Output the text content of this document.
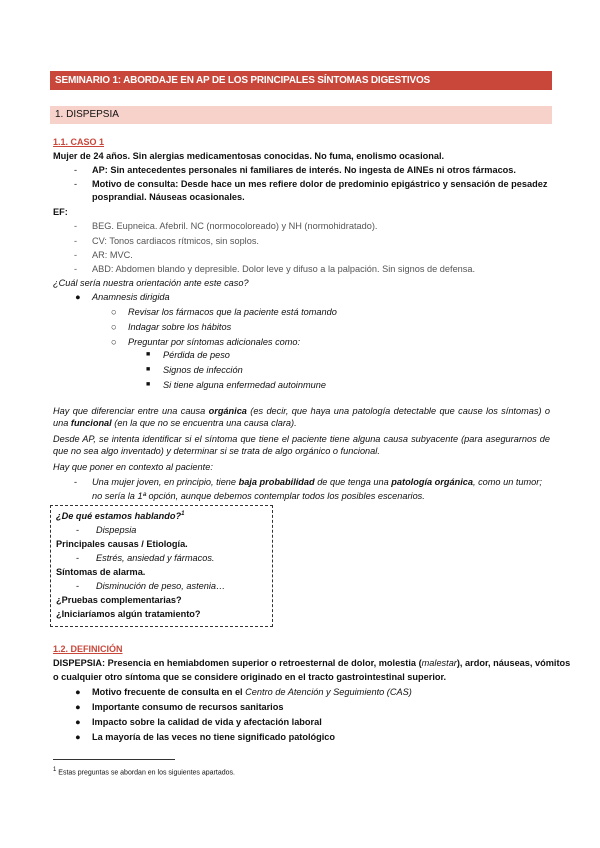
SEMINARIO 1: ABORDAJE EN AP DE LOS PRINCIPALES SÍNTOMAS DIGESTIVOS
1. DISPEPSIA
1.1. CASO 1
Mujer de 24 años. Sin alergias medicamentosas conocidas. No fuma, enolismo ocasional.
- AP: Sin antecedentes personales ni familiares de interés. No ingesta de AINEs ni otros fármacos.
- Motivo de consulta: Desde hace un mes refiere dolor de predominio epigástrico y sensación de pesadez
posprandial. Náuseas ocasionales.
EF:
- BEG. Eupneica. Afebril. NC (normocoloreado) y NH (normohidratado).
- CV: Tonos cardiacos rítmicos, sin soplos.
- AR: MVC.
- ABD: Abdomen blando y depresible. Dolor leve y difuso a la palpación. Sin signos de defensa.
¿Cuál sería nuestra orientación ante este caso?
● Anamnesis dirigida
○ Revisar los fármacos que la paciente está tomando
○ Indagar sobre los hábitos
○ Preguntar por síntomas adicionales como:
■ Pérdida de peso
■ Signos de infección
■ Si tiene alguna enfermedad autoinmune
Hay que diferenciar entre una causa orgánica (es decir, que haya una patología detectable que cause los síntomas) o una funcional (en la que no se encuentra una causa clara).
Desde AP, se intenta identificar si el síntoma que tiene el paciente tiene alguna causa subyacente (para asegurarnos de que no sea algo inventado) y determinar si se trata de algo orgánico o funcional.
Hay que poner en contexto al paciente:
- Una mujer joven, en principio, tiene baja probabilidad de que tenga una patología orgánica, como un tumor;
no sería la 1ª opción, aunque debemos contemplar todos los posibles escenarios.
¿De qué estamos hablando?$^1$
- Dispepsia
Principales causas / Etiología.
- Estrés, ansiedad y fármacos.
Síntomas de alarma.
- Disminución de peso, astenia…
¿Pruebas complementarias?
¿Iniciaríamos algún tratamiento?
1.2. DEFINICIÓN
DISPEPSIA: Presencia en hemiabdomen superior o retroesternal de dolor, molestia (malestar), ardor, náuseas, vómitos
o cualquier otro síntoma que se considere originado en el tracto gastrointestinal superior.
● Motivo frecuente de consulta en el Centro de Atención y Seguimiento (CAS)
● Importante consumo de recursos sanitarios
● Impacto sobre la calidad de vida y afectación laboral
● La mayoría de las veces no tiene significado patológico
$^1$ Estas preguntas se abordan en los siguientes apartados.
